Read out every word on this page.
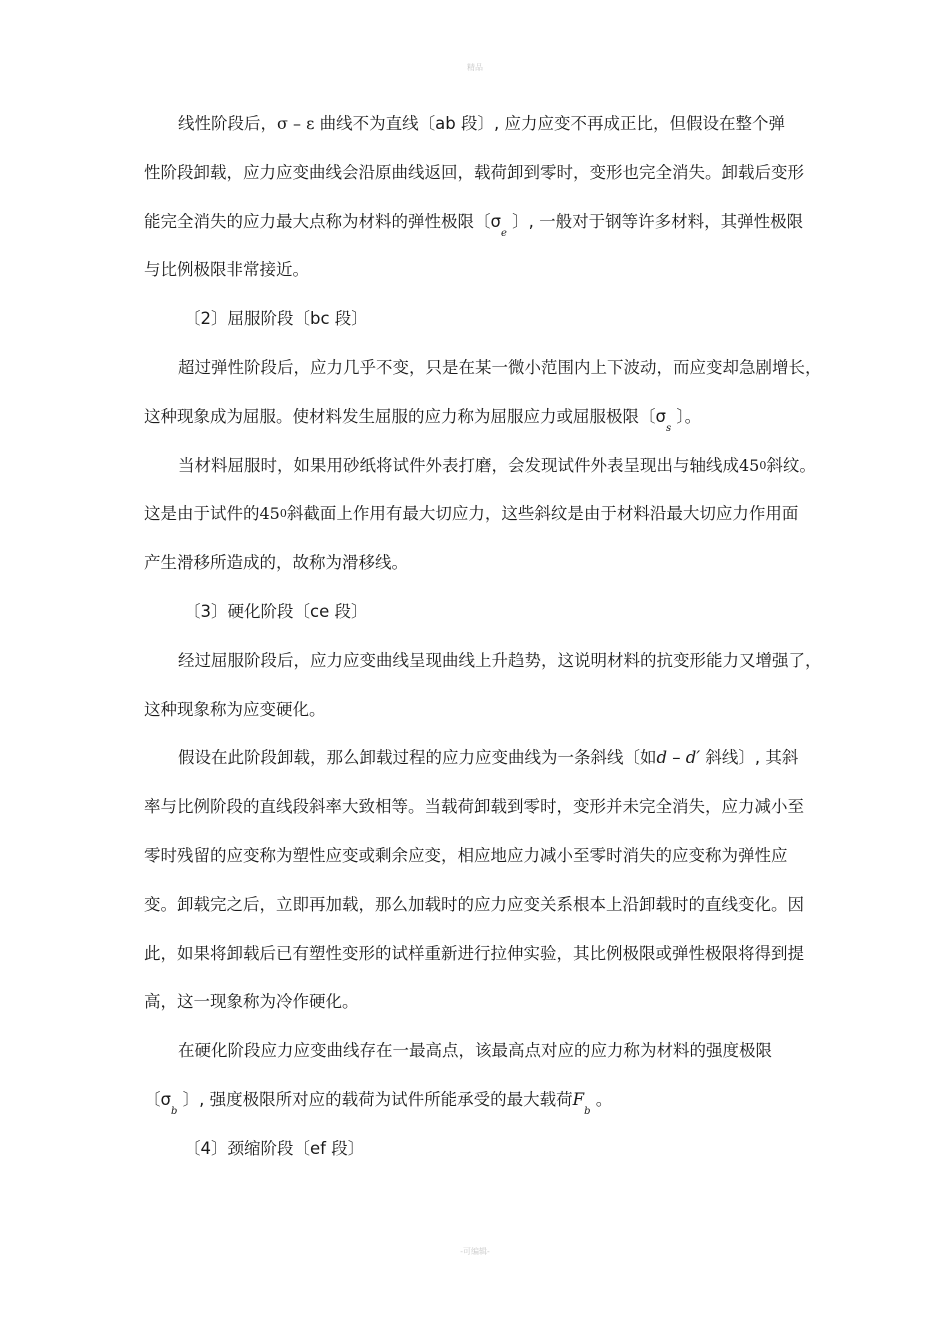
精品
线性阶段后，σ – ε 曲线不为直线〔ab 段〕, 应力应变不再成正比，但假设在整个弹
性阶段卸载，应力应变曲线会沿原曲线返回，载荷卸到零时，变形也完全消失。卸载后变形
能完全消失的应力最大点称为材料的弹性极限〔$\sigma_e$ 〕, 一般对于钢等许多材料，其弹性极限
与比例极限非常接近。
〔2〕屈服阶段〔bc 段〕
超过弹性阶段后，应力几乎不变，只是在某一微小范围内上下波动，而应变却急剧增长，
这种现象成为屈服。使材料发生屈服的应力称为屈服应力或屈服极限〔$\sigma_s$ 〕。
当材料屈服时，如果用砂纸将试件外表打磨，会发现试件外表呈现出与轴线成450斜纹。
这是由于试件的450斜截面上作用有最大切应力，这些斜纹是由于材料沿最大切应力作用面
产生滑移所造成的，故称为滑移线。
〔3〕硬化阶段〔ce 段〕
经过屈服阶段后，应力应变曲线呈现曲线上升趋势，这说明材料的抗变形能力又增强了，
这种现象称为应变硬化。
假设在此阶段卸载，那么卸载过程的应力应变曲线为一条斜线〔如d – d′ 斜线〕, 其斜
率与比例阶段的直线段斜率大致相等。当载荷卸载到零时，变形并未完全消失，应力减小至
零时残留的应变称为塑性应变或剩余应变，相应地应力减小至零时消失的应变称为弹性应
变。卸载完之后，立即再加载，那么加载时的应力应变关系根本上沿卸载时的直线变化。因
此，如果将卸载后已有塑性变形的试样重新进行拉伸实验，其比例极限或弹性极限将得到提
高，这一现象称为冷作硬化。
在硬化阶段应力应变曲线存在一最高点，该最高点对应的应力称为材料的强度极限
〔$\sigma_b$ 〕, 强度极限所对应的载荷为试件所能承受的最大载荷$F_b$ 。
〔4〕颈缩阶段〔ef 段〕
-可编辑-
